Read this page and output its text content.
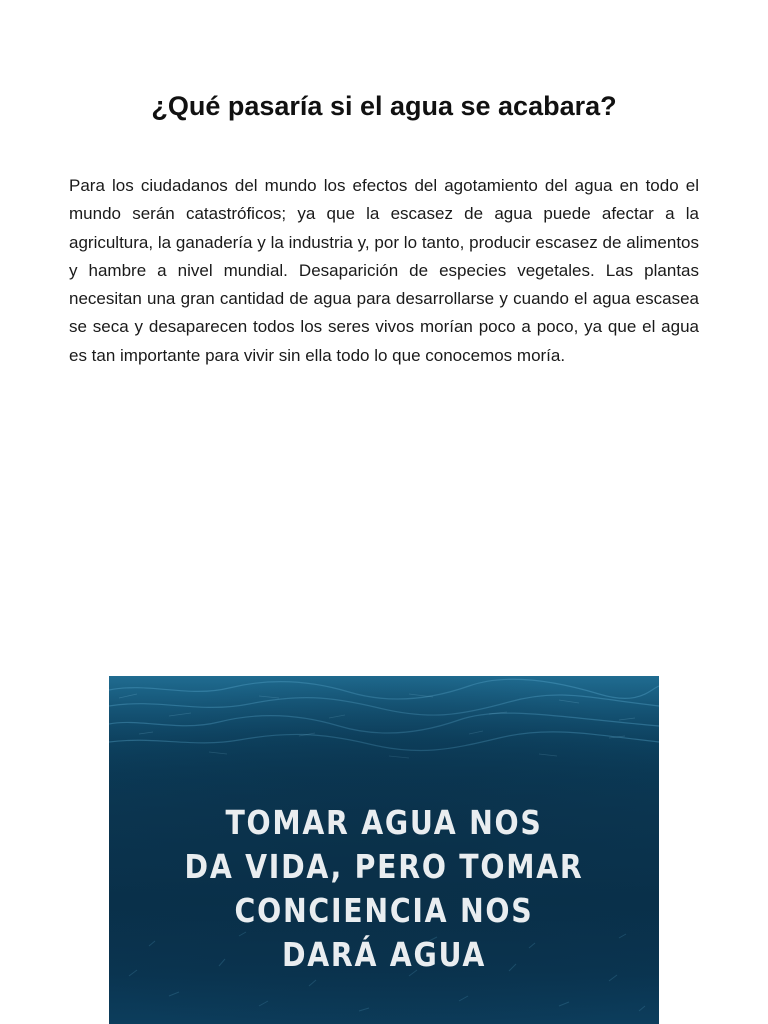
¿Qué pasaría si el agua se acabara?

Para los ciudadanos del mundo los efectos del agotamiento del agua en todo el mundo serán catastróficos; ya que la escasez de agua puede afectar a la agricultura, la ganadería y la industria y, por lo tanto, producir escasez de alimentos y hambre a nivel mundial. Desaparición de especies vegetales. Las plantas necesitan una gran cantidad de agua para desarrollarse y cuando el agua escasea se seca y desaparecen todos los seres vivos morían poco a poco, ya que el agua es tan importante para vivir sin ella todo lo que conocemos moría.

TOMAR AGUA NOS
DA VIDA, PERO TOMAR
CONCIENCIA NOS
DARÁ AGUA
